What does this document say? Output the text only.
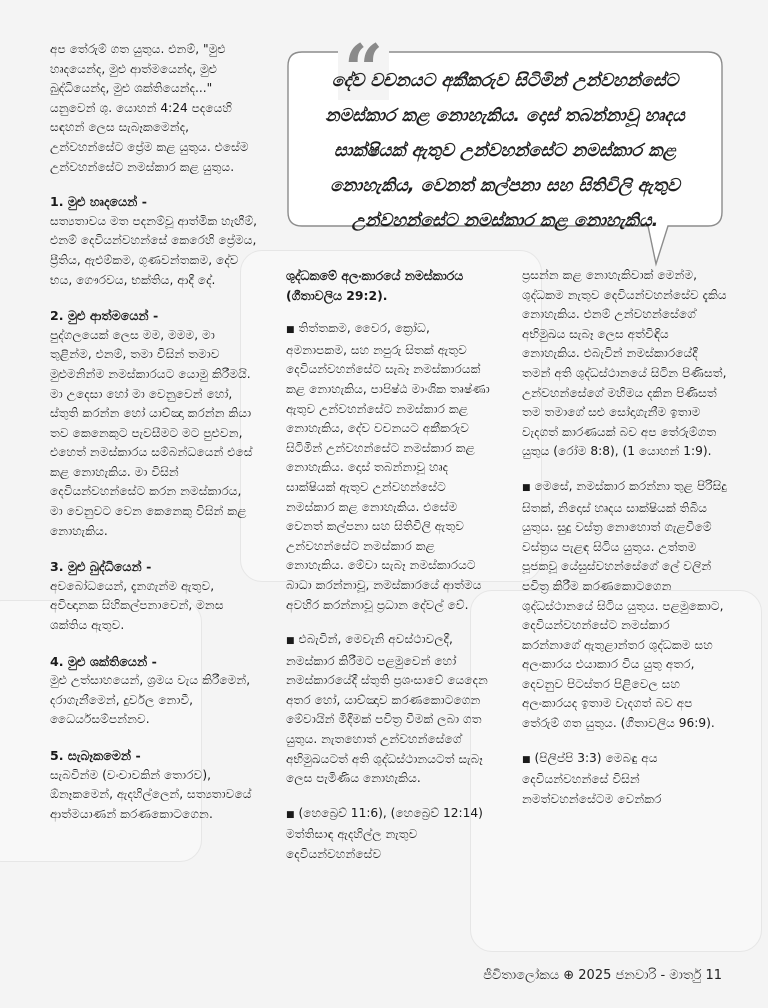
“
දේව වචනයට අකීකරුව සිටිමින් උන්වහන්සේට නමස්කාර කළ නොහැකිය. දොස් තබන්නාවූ හෘදය සාක්ෂියක් ඇතුව උන්වහන්සේට නමස්කාර කළ නොහැකිය, වෙනත් කල්පනා සහ සිතිවිලි ඇතුව උන්වහන්සේට නමස්කාර කළ නොහැකිය.

අප තේරුම් ගත යුතුය. එනම්, "මුළු හෘදයෙන්ද, මුළු ආත්මයෙන්ද, මුළු බුද්ධියෙන්ද, මුළු ශක්තියෙන්ද..." යනුවෙන් ශු. යොහන් 4:24 පදයෙහි සඳහන් ලෙස සැබෑකමෙන්ද, උන්වහන්සේට ප්‍රේම කළ යුතුය. එසේම උන්වහන්සේට නමස්කාර කළ යුතුය.

1. මුළු හෘදයෙන් -
සත්‍යතාවය මත පදනම්වූ ආත්මික හැඟීම්, එනම් දෙවියන්වහන්සේ කෙරෙහි ප්‍රේමය, ප්‍රීතිය, ඇළුම්කම, ගුණවන්තකම, දේව භය, ගෞරවය, භක්තිය, ආදී දේ.
2. මුළු ආත්මයෙන් -
පුද්ගලයෙක් ලෙස මම, මමම, මා තුළින්ම, එනම්, තමා විසින් තමාව මුළුමනින්ම නමස්කාරයට යොමු කිරීමයි. මා උදෙසා හෝ මා වෙනුවෙන් හෝ, ස්තුති කරන්න හෝ යාච්ඤා කරන්න කියා තව කෙනෙකුට පැවසීමට මට පුළුවන, එහෙත් නමස්කාරය සම්බන්ධයෙන් එසේ කළ නොහැකිය. මා විසින් දෙවියන්වහන්සේට කරන නමස්කාරය, මා වෙනුවට වෙන කෙනෙකු විසින් කළ නොහැකිය.
3. මුළු බුද්ධියෙන් -
අවබෝධයෙන්, දැනගැන්ම ඇතුව, අවිඥානක සිහිකල්පනාවෙන්, මනස ශක්තිය ඇතුව.
4. මුළු ශක්තියෙන් -
මුළු උත්සාහයෙන්, ශ්‍රමය වැය කිරීමෙන්, දරාගැනීමෙන්, දුර්වල නොවී, ධෛර්යසම්පන්නව.
5. සැබෑකමෙන් -
සැබවින්ම (වංචාවකින් තොරව), ඕනෑකමෙන්, ඇදහිල්ලෙන්, සත්‍යතාවයේ ආත්මයාණන් කරණකොටගෙන.
ශුද්ධකමේ අලංකාරයේ නමස්කාරය (ගීතාවලිය 29:2).

■ තිත්තකම, වෛර, ක්‍රෝධ, අමනාපකම, සහ නපුරු සිතක් ඇතුව දෙවියන්වහන්සේට සැබෑ නමස්කාරයක් කළ නොහැකිය, පාපිෂ්ඨ මාංශික තෘෂ්ණා ඇතුව උන්වහන්සේට නමස්කාර කළ නොහැකිය, දේව වචනයට අකීකරුව සිටිමින් උන්වහන්සේට නමස්කාර කළ නොහැකිය. දොස් තබන්නාවූ හෘද සාක්ෂියක් ඇතුව උන්වහන්සේට නමස්කාර කළ නොහැකිය. එසේම වෙනත් කල්පනා සහ සිතිවිලි ඇතුව උන්වහන්සේට නමස්කාර කළ නොහැකිය. මේවා සැබෑ නමස්කාරයට බාධා කරන්නාවූ, නමස්කාරයේ ආත්මය අවහිර කරන්නාවූ ප්‍රධාන දේවල් වේ.

■ එබැවින්, මෙවැනි අවස්ථාවලදී, නමස්කාර කිරීමට පළමුවෙන් හෝ නමස්කාරයේදී ස්තුති ප්‍රශංසාවේ යෙදෙන අතර හෝ, යාච්ඤාව කරණකොටගෙන මේවායින් මිදීමක් පවිත්‍ර වීමක් ලබා ගත යුතුය. නැතහොත් උන්වහන්සේගේ අභිමුඛයටත් අති ශුද්ධස්ථානයටත් සැබෑ ලෙස පැමිණිය නොහැකිය.

■ (හෙබ්‍රෙව් 11:6), (හෙබ්‍රෙව් 12:14) මත්තිසාඳ ඇදහිල්ල නැතුව දෙවියන්වහන්සේව

ප්‍රසන්න කළ නොහැකිවාක් මෙන්ම, ශුද්ධකම නැතුව දෙවියන්වහන්සේව දැකිය නොහැකිය. එනම් උන්වහන්සේගේ අභිමුඛය සැබෑ ලෙස අත්විඳිය නොහැකිය. එබැවින් නමස්කාරයේදී තමන් අති ශුද්ධස්ථානයේ සිටින පිණිසත්, උන්වහන්සේගේ මහිමය දකින පිණිසත් තම තමාගේ සළු සෝදාගැනීම ඉතාම වැදගත් කාරණයක් බව අප තේරුම්ගත යුතුය (රෝම 8:8), (1 යොහන් 1:9).

■ මෙසේ, නමස්කාර කරන්නා තුළ පිරිසිදු සිතක්, නිදොස් හෘදය සාක්ෂියක් තිබිය යුතුය. සුදු වස්ත්‍ර නොහොත් ගැළවීමේ වස්ත්‍රය පැළඳ සිටිය යුතුය. උත්තම පූජකවූ යේසුස්වහන්සේගේ ලේ වලින් පවිත්‍ර කිරීම කරණකොටගෙන ශුද්ධස්ථානයේ සිටිය යුතුය. පළමුකොට, දෙවියන්වහන්සේට නමස්කාර කරන්නාගේ ඇතුළාන්තර ශුද්ධකම සහ අලංකාරය එයාකාර විය යුතු අතර, දෙවනුව පිටස්තර පිළිවෙල සහ අලංකාරයද ඉතාම වැදගත් බව අප තේරුම් ගත යුතුය. (ගීතාවලිය 96:9).

■ (පිලිප්පි 3:3) මෙබඳු අය දෙවියන්වහන්සේ විසින් නමත්වහන්සේටම වෙන්කර

ජීවිතාලෝකය ⊕ 2025 ජනවාරි - මාර්තු 11
